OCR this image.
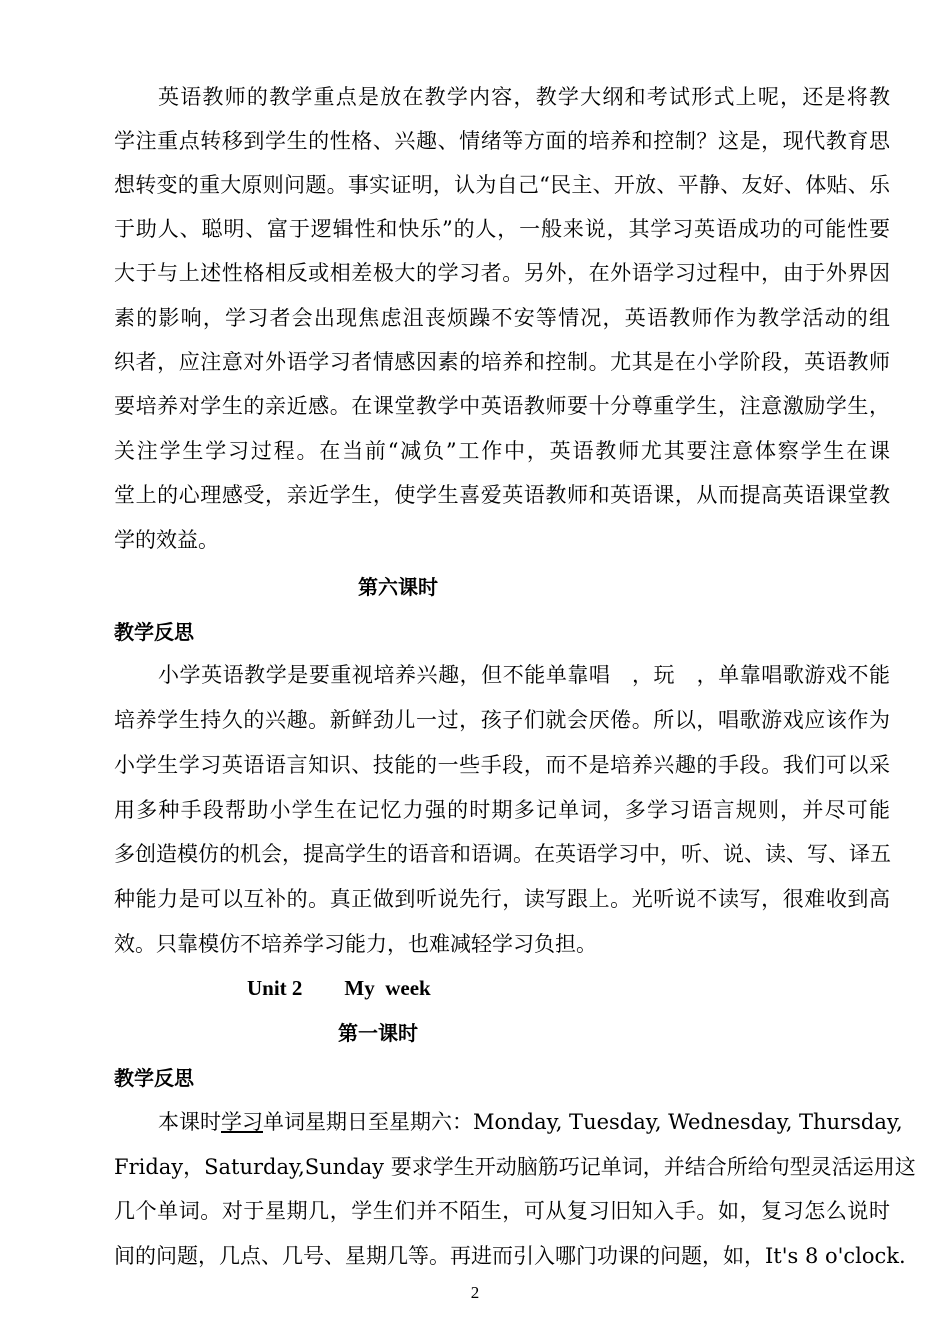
英语教师的教学重点是放在教学内容，教学大纲和考试形式上呢，还是将教
学注重点转移到学生的性格、兴趣、情绪等方面的培养和控制？这是，现代教育思
想转变的重大原则问题。事实证明，认为自己“民主、开放、平静、友好、体贴、乐
于助人、聪明、富于逻辑性和快乐”的人，一般来说，其学习英语成功的可能性要
大于与上述性格相反或相差极大的学习者。另外，在外语学习过程中，由于外界因
素的影响，学习者会出现焦虑沮丧烦躁不安等情况，英语教师作为教学活动的组
织者，应注意对外语学习者情感因素的培养和控制。尤其是在小学阶段，英语教师
要培养对学生的亲近感。在课堂教学中英语教师要十分尊重学生，注意激励学生，
关注学生学习过程。在当前“减负”工作中，英语教师尤其要注意体察学生在课
堂上的心理感受，亲近学生，使学生喜爱英语教师和英语课，从而提高英语课堂教
学的效益。
第六课时
教学反思
小学英语教学是要重视培养兴趣，但不能单靠唱　，玩　，单靠唱歌游戏不能
培养学生持久的兴趣。新鲜劲儿一过，孩子们就会厌倦。所以，唱歌游戏应该作为
小学生学习英语语言知识、技能的一些手段，而不是培养兴趣的手段。我们可以采
用多种手段帮助小学生在记忆力强的时期多记单词，多学习语言规则，并尽可能
多创造模仿的机会，提高学生的语音和语调。在英语学习中，听、说、读、写、译五
种能力是可以互补的。真正做到听说先行，读写跟上。光听说不读写，很难收到高
效。只靠模仿不培养学习能力，也难减轻学习负担。
Unit 2　　My  week
第一课时
教学反思
本课时学习单词星期日至星期六：Monday, Tuesday, Wednesday, Thursday,
Friday，Saturday,Sunday 要求学生开动脑筋巧记单词，并结合所给句型灵活运用这
几个单词。对于星期几，学生们并不陌生，可从复习旧知入手。如，复习怎么说时
间的问题，几点、几号、星期几等。再进而引入哪门功课的问题，如，It's 8 o'clock.
2
